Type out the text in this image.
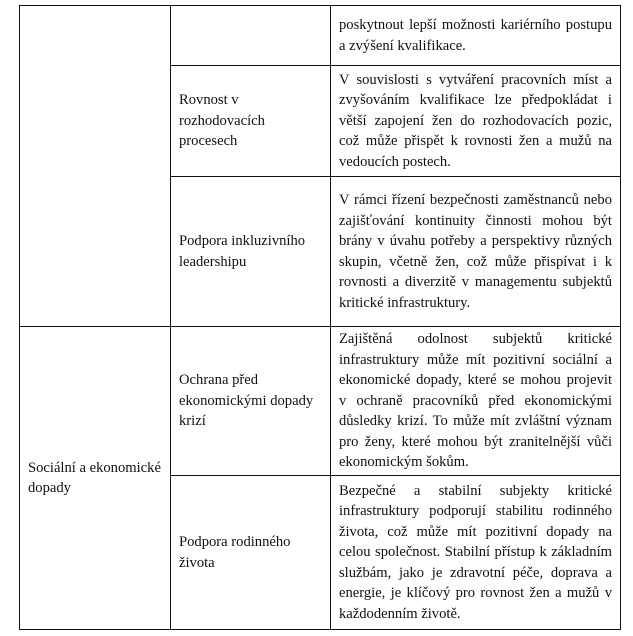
		poskytnout lepší možnosti kariérního postupu a zvýšení kvalifikace.
	Rovnost v rozhodovacích procesech	V souvislosti s vytváření pracovních míst a zvyšováním kvalifikace lze předpokládat i větší zapojení žen do rozhodovacích pozic, což může přispět k rovnosti žen a mužů na vedoucích postech.
	Podpora inkluzivního leadershipu	V rámci řízení bezpečnosti zaměstnanců nebo zajišťování kontinuity činnosti mohou být brány v úvahu potřeby a perspektivy různých skupin, včetně žen, což může přispívat i k rovnosti a diverzitě v managementu subjektů kritické infrastruktury.
Sociální a ekonomické dopady	Ochrana před ekonomickými dopady krizí	Zajištěná odolnost subjektů kritické infrastruktury může mít pozitivní sociální a ekonomické dopady, které se mohou projevit v ochraně pracovníků před ekonomickými důsledky krizí. To může mít zvláštní význam pro ženy, které mohou být zranitelnější vůči ekonomickým šokům.
	Podpora rodinného života	Bezpečné a stabilní subjekty kritické infrastruktury podporují stabilitu rodinného života, což může mít pozitivní dopady na celou společnost. Stabilní přístup k základním službám, jako je zdravotní péče, doprava a energie, je klíčový pro rovnost žen a mužů v každodenním životě.
